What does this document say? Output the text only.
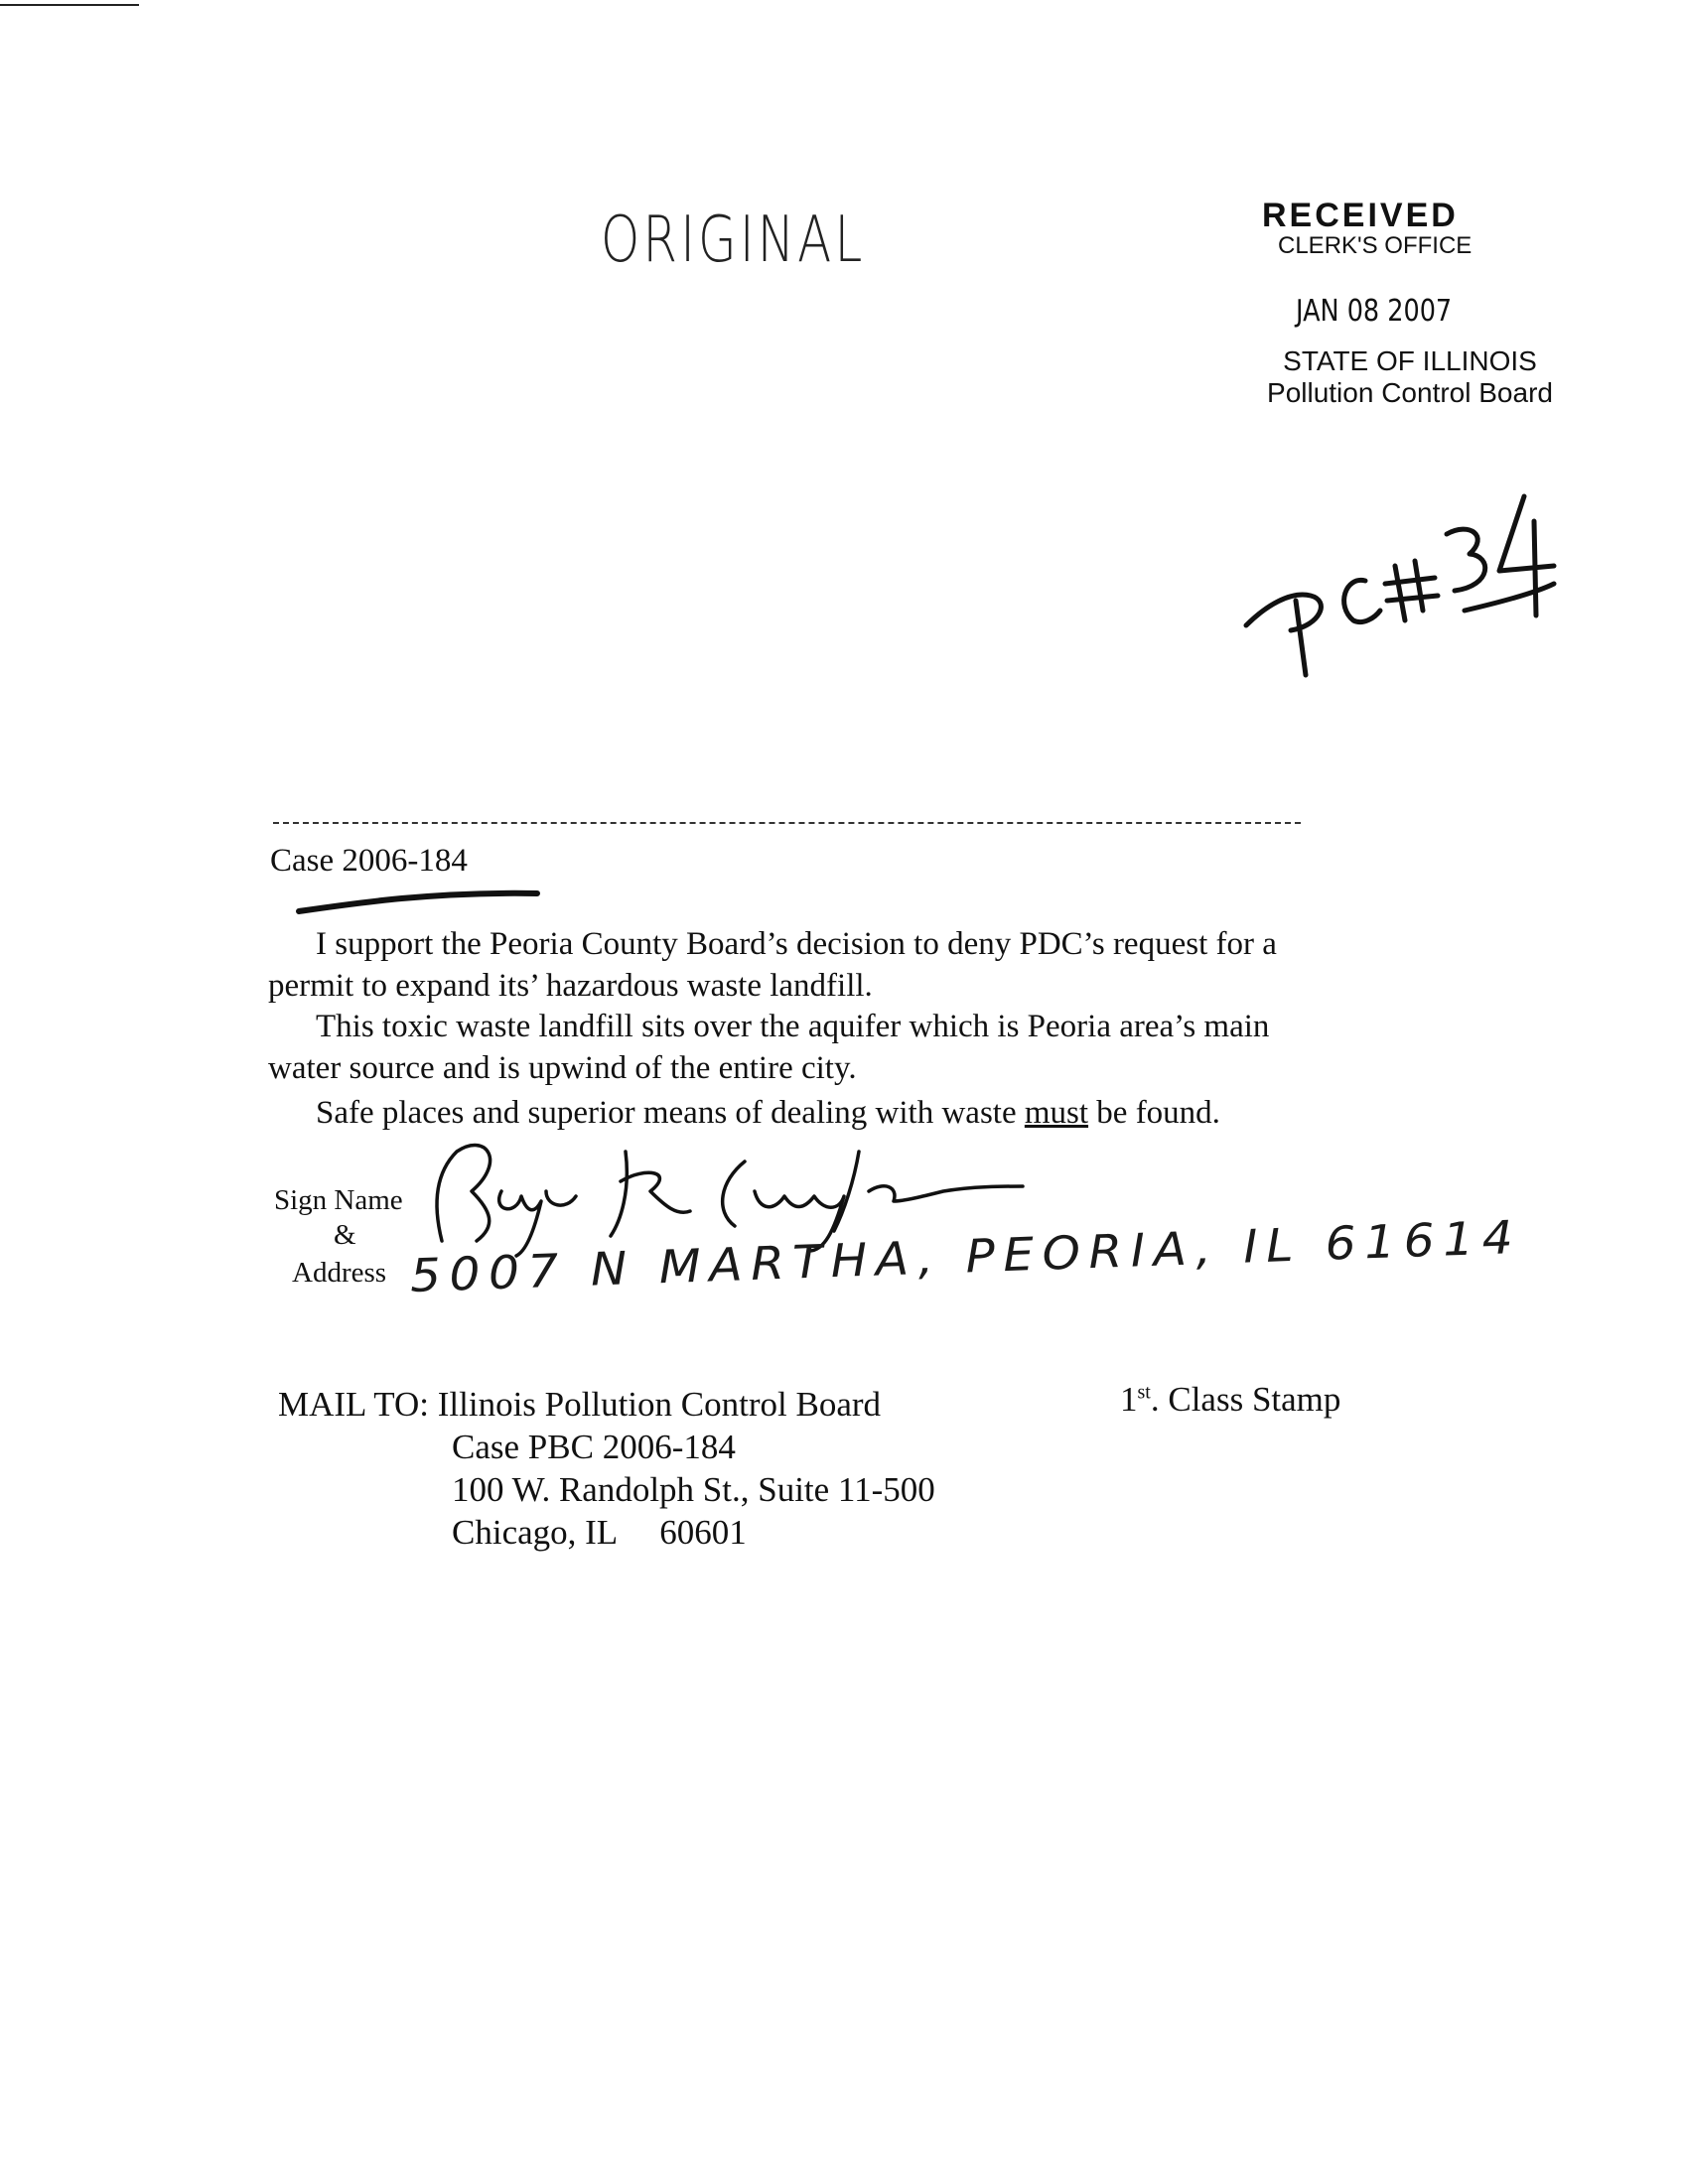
ORIGINAL	RECEIVED
CLERK'S OFFICE
JAN 08 2007
STATE OF ILLINOIS
Pollution Control Board
Case 2006-184
I support the Peoria County Board’s decision to deny PDC’s request for a
permit to expand its’ hazardous waste landfill.
This toxic waste landfill sits over the aquifer which is Peoria area’s main
water source and is upwind of the entire city.
Safe places and superior means of dealing with waste must be found.
Sign Name
&
Address 5007 N MARTHA, PEORIA, IL 61614
MAIL TO: Illinois Pollution Control Board
Case PBC 2006-184
100 W. Randolph St., Suite 11-500
Chicago, IL 60601
1st. Class Stamp
